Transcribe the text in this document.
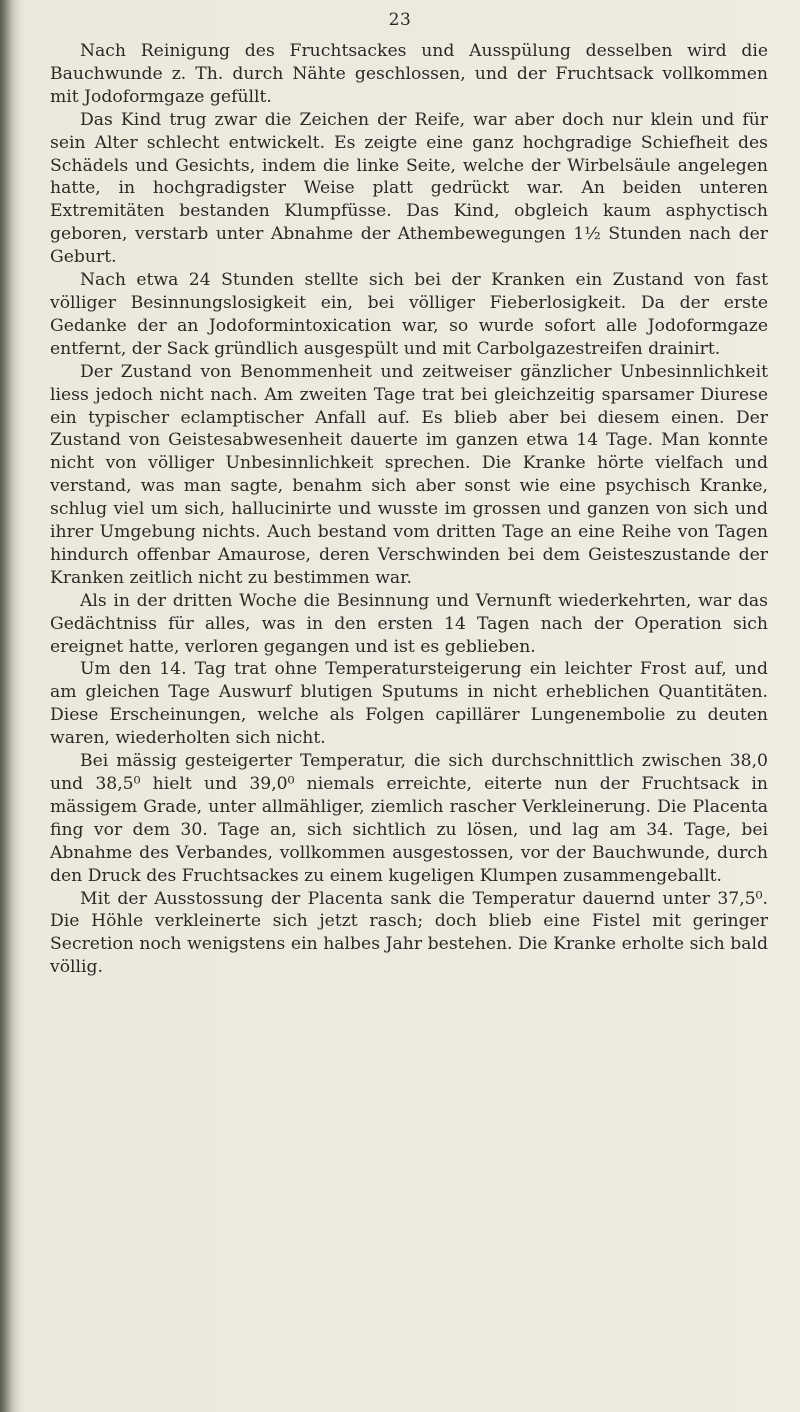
23

Nach Reinigung des Fruchtsackes und Ausspülung desselben wird die Bauchwunde z. Th. durch Nähte geschlossen, und der Fruchtsack vollkommen mit Jodoformgaze gefüllt.

Das Kind trug zwar die Zeichen der Reife, war aber doch nur klein und für sein Alter schlecht entwickelt. Es zeigte eine ganz hochgradige Schiefheit des Schädels und Gesichts, indem die linke Seite, welche der Wirbelsäule angelegen hatte, in hochgradigster Weise platt gedrückt war. An beiden unteren Extremitäten bestanden Klumpfüsse. Das Kind, obgleich kaum asphyctisch geboren, verstarb unter Abnahme der Athembewegungen 1½ Stunden nach der Geburt.

Nach etwa 24 Stunden stellte sich bei der Kranken ein Zustand von fast völliger Besinnungslosigkeit ein, bei völliger Fieberlosigkeit. Da der erste Gedanke der an Jodoformintoxication war, so wurde sofort alle Jodoformgaze entfernt, der Sack gründlich ausgespült und mit Carbolgazestreifen drainirt.

Der Zustand von Benommenheit und zeitweiser gänzlicher Unbesinnlichkeit liess jedoch nicht nach. Am zweiten Tage trat bei gleichzeitig sparsamer Diurese ein typischer eclamptischer Anfall auf. Es blieb aber bei diesem einen. Der Zustand von Geistesabwesenheit dauerte im ganzen etwa 14 Tage. Man konnte nicht von völliger Unbesinnlichkeit sprechen. Die Kranke hörte vielfach und verstand, was man sagte, benahm sich aber sonst wie eine psychisch Kranke, schlug viel um sich, hallucinirte und wusste im grossen und ganzen von sich und ihrer Umgebung nichts. Auch bestand vom dritten Tage an eine Reihe von Tagen hindurch offenbar Amaurose, deren Verschwinden bei dem Geisteszustande der Kranken zeitlich nicht zu bestimmen war.

Als in der dritten Woche die Besinnung und Vernunft wiederkehrten, war das Gedächtniss für alles, was in den ersten 14 Tagen nach der Operation sich ereignet hatte, verloren gegangen und ist es geblieben.

Um den 14. Tag trat ohne Temperatursteigerung ein leichter Frost auf, und am gleichen Tage Auswurf blutigen Sputums in nicht erheblichen Quantitäten. Diese Erscheinungen, welche als Folgen capillärer Lungenembolie zu deuten waren, wiederholten sich nicht.

Bei mässig gesteigerter Temperatur, die sich durchschnittlich zwischen 38,0 und 38,5⁰ hielt und 39,0⁰ niemals erreichte, eiterte nun der Fruchtsack in mässigem Grade, unter allmähliger, ziemlich rascher Verkleinerung. Die Placenta fing vor dem 30. Tage an, sich sichtlich zu lösen, und lag am 34. Tage, bei Abnahme des Verbandes, vollkommen ausgestossen, vor der Bauchwunde, durch den Druck des Fruchtsackes zu einem kugeligen Klumpen zusammengeballt.

Mit der Ausstossung der Placenta sank die Temperatur dauernd unter 37,5⁰. Die Höhle verkleinerte sich jetzt rasch; doch blieb eine Fistel mit geringer Secretion noch wenigstens ein halbes Jahr bestehen. Die Kranke erholte sich bald völlig.
